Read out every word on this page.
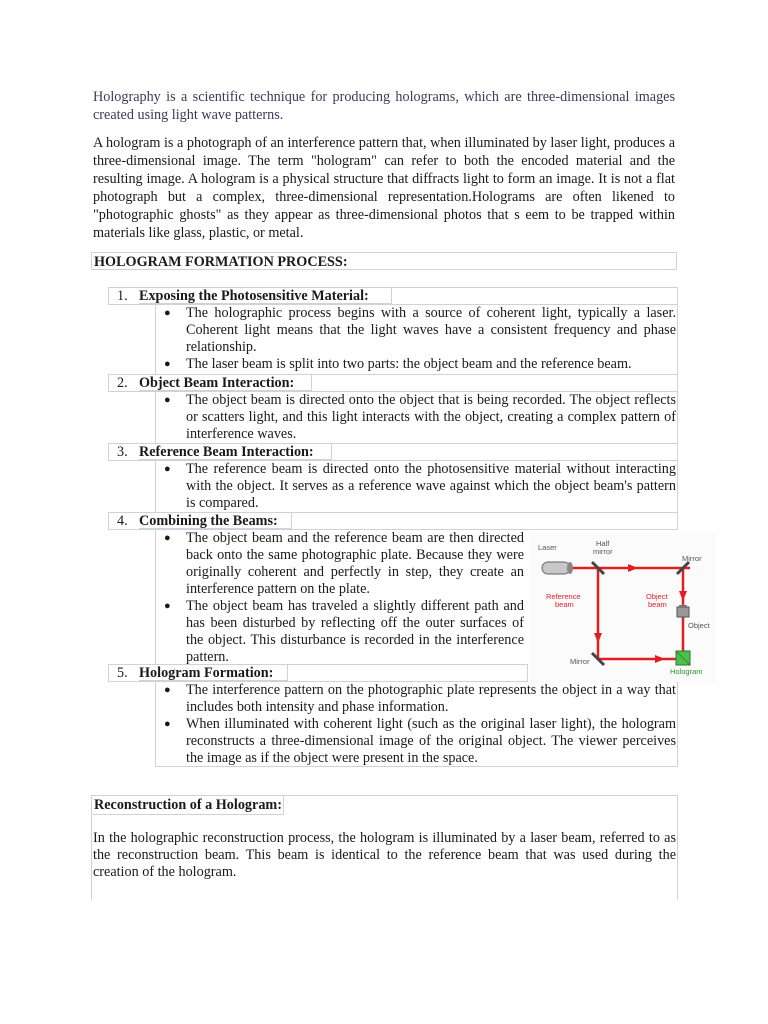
Holography is a scientific technique for producing holograms, which are three-dimensional images created using light wave patterns.

A hologram is a photograph of an interference pattern that, when illuminated by laser light, produces a three-dimensional image. The term "hologram" can refer to both the encoded material and the resulting image. A hologram is a physical structure that diffracts light to form an image. It is not a flat photograph but a complex, three-dimensional representation.Holograms are often likened to "photographic ghosts" as they appear as three-dimensional photos that s eem to be trapped within materials like glass, plastic, or metal.

HOLOGRAM FORMATION PROCESS:
1. Exposing the Photosensitive Material:
● The holographic process begins with a source of coherent light, typically a laser. Coherent light means that the light waves have a consistent frequency and phase relationship.

● The laser beam is split into two parts: the object beam and the reference beam.

2. Object Beam Interaction:
● The object beam is directed onto the object that is being recorded. The object reflects or scatters light, and this light interacts with the object, creating a complex pattern of interference waves.

3. Reference Beam Interaction:
● The reference beam is directed onto the photosensitive material without interacting with the object. It serves as a reference wave against which the object beam's pattern is compared.

4. Combining the Beams:
● The object beam and the reference beam are then directed back onto the same photographic plate. Because they were originally coherent and perfectly in step, they create an interference pattern on the plate.

● The object beam has traveled a slightly different path and has been disturbed by reflecting off the outer surfaces of the object. This disturbance is recorded in the interference pattern.

Laser	Half mirror
Mirror
Reference beam
Object beam
Object
Mirror
Hologram
5. Hologram Formation:
● The interference pattern on the photographic plate represents the object in a way that includes both intensity and phase information.

● When illuminated with coherent light (such as the original laser light), the hologram reconstructs a three-dimensional image of the original object. The viewer perceives the image as if the object were present in the space.

Reconstruction of a Hologram:

In the holographic reconstruction process, the hologram is illuminated by a laser beam, referred to as the reconstruction beam. This beam is identical to the reference beam that was used during the creation of the hologram.
